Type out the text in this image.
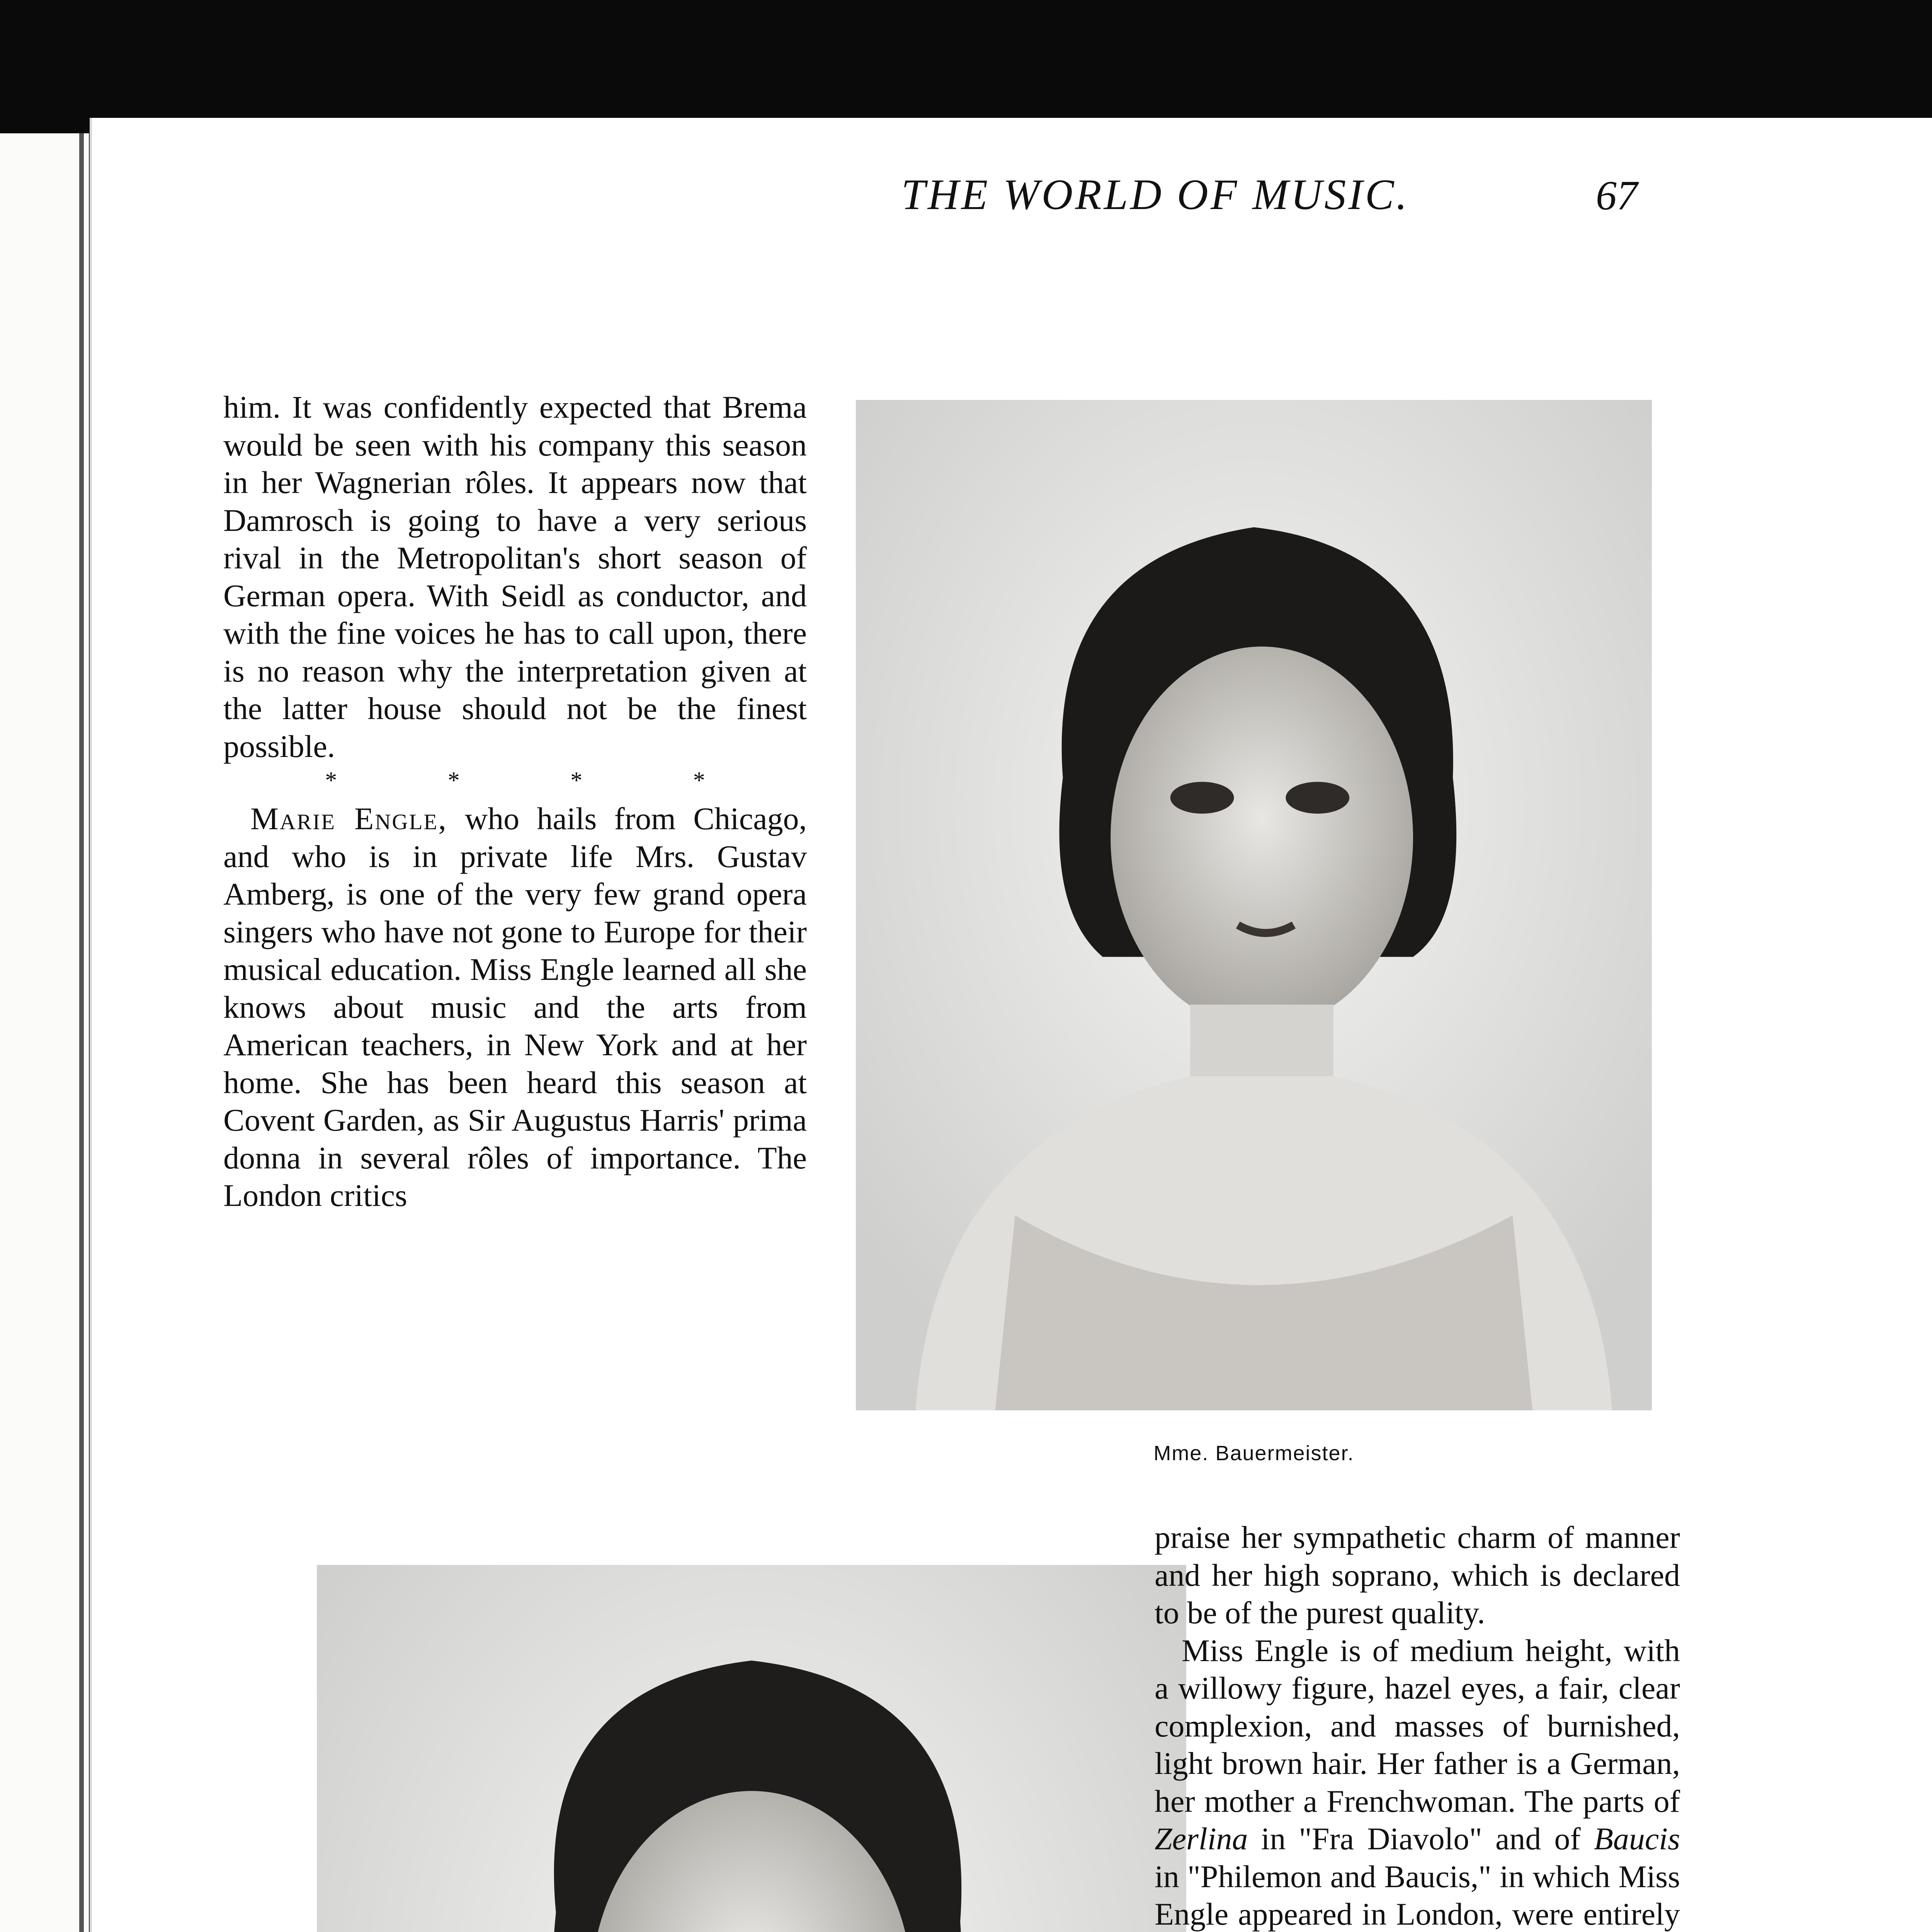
THE WORLD OF MUSIC.	67

him. It was confidently expected that Brema would be seen with his company this season in her Wagnerian rôles. It appears now that Damrosch is going to have a very serious rival in the Metropolitan's short season of German opera. With Seidl as conductor, and with the fine voices he has to call upon, there is no reason why the interpretation given at the latter house should not be the finest possible.

*	*	*	*

Marie Engle, who hails from Chicago, and who is in private life Mrs. Gustav Amberg, is one of the very few grand opera singers who have not gone to Europe for their musical education. Miss Engle learned all she knows about music and the arts from American teachers, in New York and at her home. She has been heard this season at Covent Garden, as Sir Augustus Harris' prima donna in several rôles of importance. The London critics

Mme. Bauermeister.

praise her sympathetic charm of manner and her high soprano, which is declared to be of the purest quality.

Miss Engle is of medium height, with a willowy figure, hazel eyes, a fair, clear complexion, and masses of burnished, light brown hair. Her father is a German, her mother a Frenchwoman. The parts of Zerlina in "Fra Diavolo" and of Baucis in "Philemon and Baucis," in which Miss Engle appeared in London, were entirely
